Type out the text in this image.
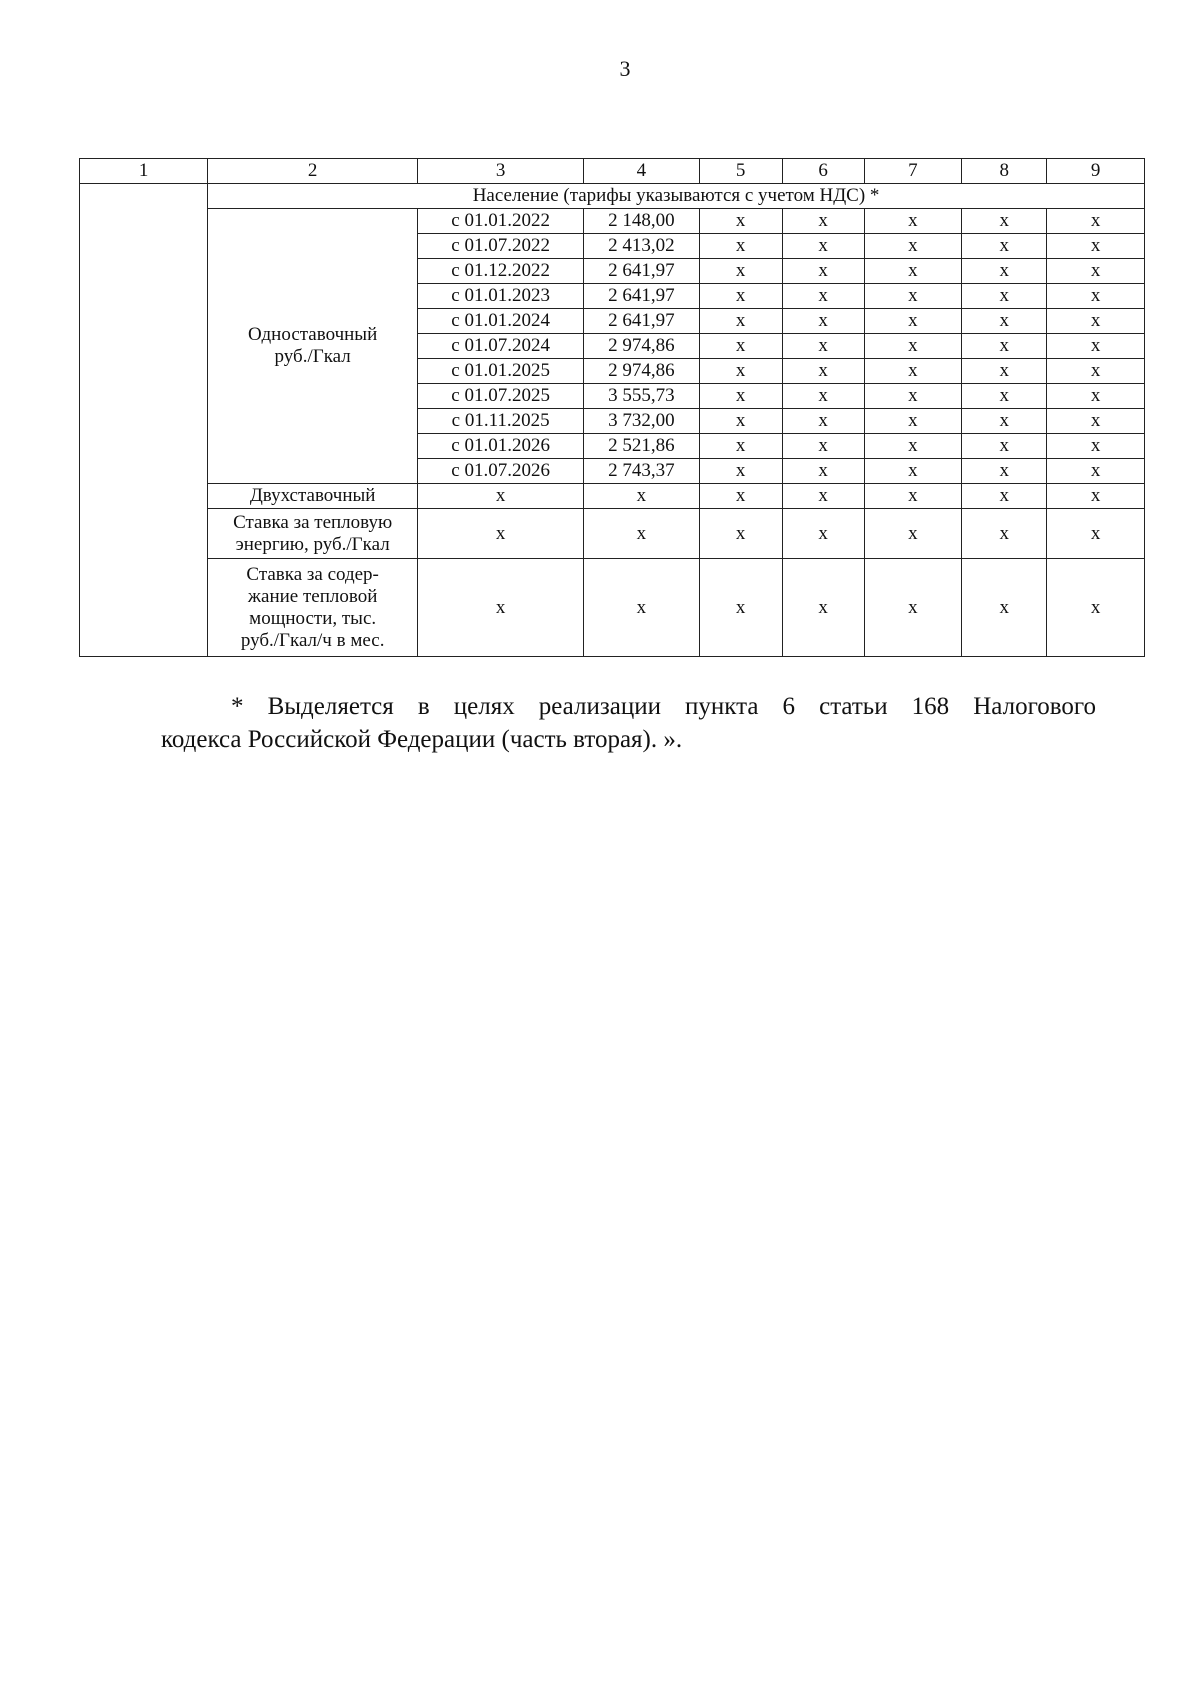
3
1	2	3	4	5	6	7	8	9
	Население (тарифы указываются с учетом НДС) *							
	Одноставочный
руб./Гкал	с 01.01.2022	2 148,00	х	х	х	х	х
		с 01.07.2022	2 413,02	х	х	х	х	х
		с 01.12.2022	2 641,97	х	х	х	х	х
		с 01.01.2023	2 641,97	х	х	х	х	х
		с 01.01.2024	2 641,97	х	х	х	х	х
		с 01.07.2024	2 974,86	х	х	х	х	х
		с 01.01.2025	2 974,86	х	х	х	х	х
		с 01.07.2025	3 555,73	х	х	х	х	х
		с 01.11.2025	3 732,00	х	х	х	х	х
		с 01.01.2026	2 521,86	х	х	х	х	х
		с 01.07.2026	2 743,37	х	х	х	х	х
	Двухставочный	х	х	х	х	х	х	х
	Ставка за тепловую
энергию, руб./Гкал	х	х	х	х	х	х	х
	Ставка за содер-
жание тепловой
мощности, тыс.
руб./Гкал/ч в мес.	х	х	х	х	х	х	х
* Выделяется в целях реализации пункта 6 статьи 168 Налогового
кодекса Российской Федерации (часть вторая). ».
